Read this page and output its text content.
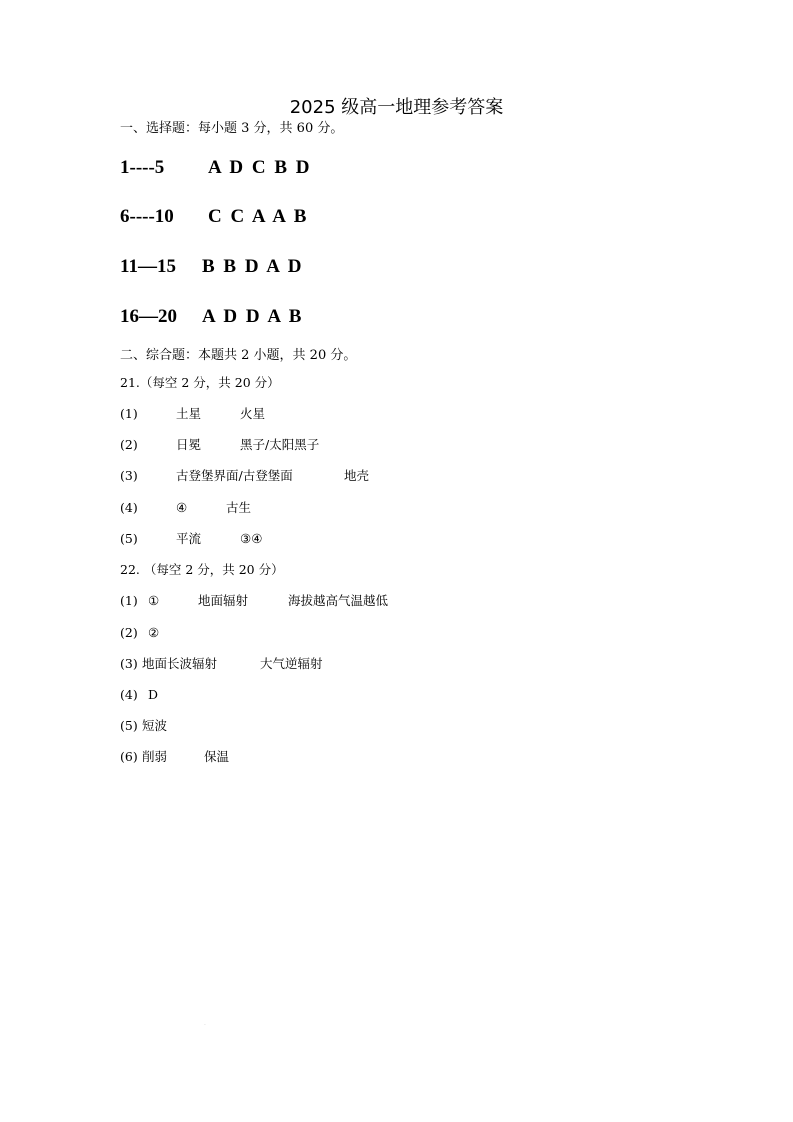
2025 级高一地理参考答案

一、选择题：每小题 3 分，共 60 分。

1----5 A D C B D
6----10 C C A A B
11—15 B B D A D
16—20 A D D A B

二、综合题：本题共 2 小题，共 20 分。

21.（每空 2 分，共 20 分）
(1)	土星	火星
(2)	日冕	黑子/太阳黑子
(3)	古登堡界面/古登堡面	地壳
(4)	④	古生
(5)	平流	③④
22. （每空 2 分，共 20 分）
(1) ①	地面辐射	海拔越高气温越低
(2) ②
(3) 地面长波辐射	大气逆辐射
(4) D
(5) 短波
(6) 削弱	保温
·
